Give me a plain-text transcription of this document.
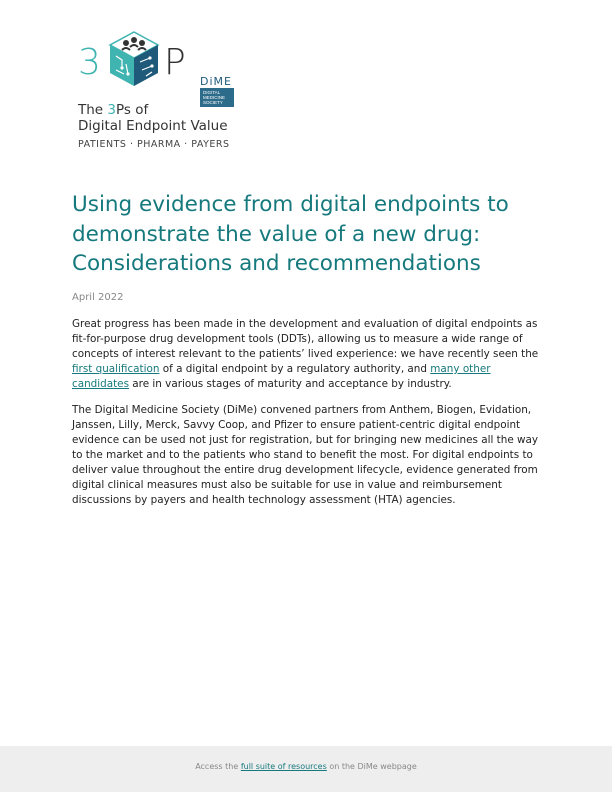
3 P DiME
DIGITAL
MEDICINE
SOCIETY
The 3Ps of
Digital Endpoint Value
PATIENTS · PHARMA · PAYERS
Using evidence from digital endpoints to
demonstrate the value of a new drug:
Considerations and recommendations
April 2022

Great progress has been made in the development and evaluation of digital endpoints as fit-for-purpose drug development tools (DDTs), allowing us to measure a wide range of concepts of interest relevant to the patients’ lived experience: we have recently seen the first qualification of a digital endpoint by a regulatory authority, and many other candidates are in various stages of maturity and acceptance by industry.

The Digital Medicine Society (DiMe) convened partners from Anthem, Biogen, Evidation, Janssen, Lilly, Merck, Savvy Coop, and Pfizer to ensure patient-centric digital endpoint evidence can be used not just for registration, but for bringing new medicines all the way to the market and to the patients who stand to benefit the most. For digital endpoints to deliver value throughout the entire drug development lifecycle, evidence generated from digital clinical measures must also be suitable for use in value and reimbursement discussions by payers and health technology assessment (HTA) agencies.

Access the full suite of resources on the DiMe webpage
